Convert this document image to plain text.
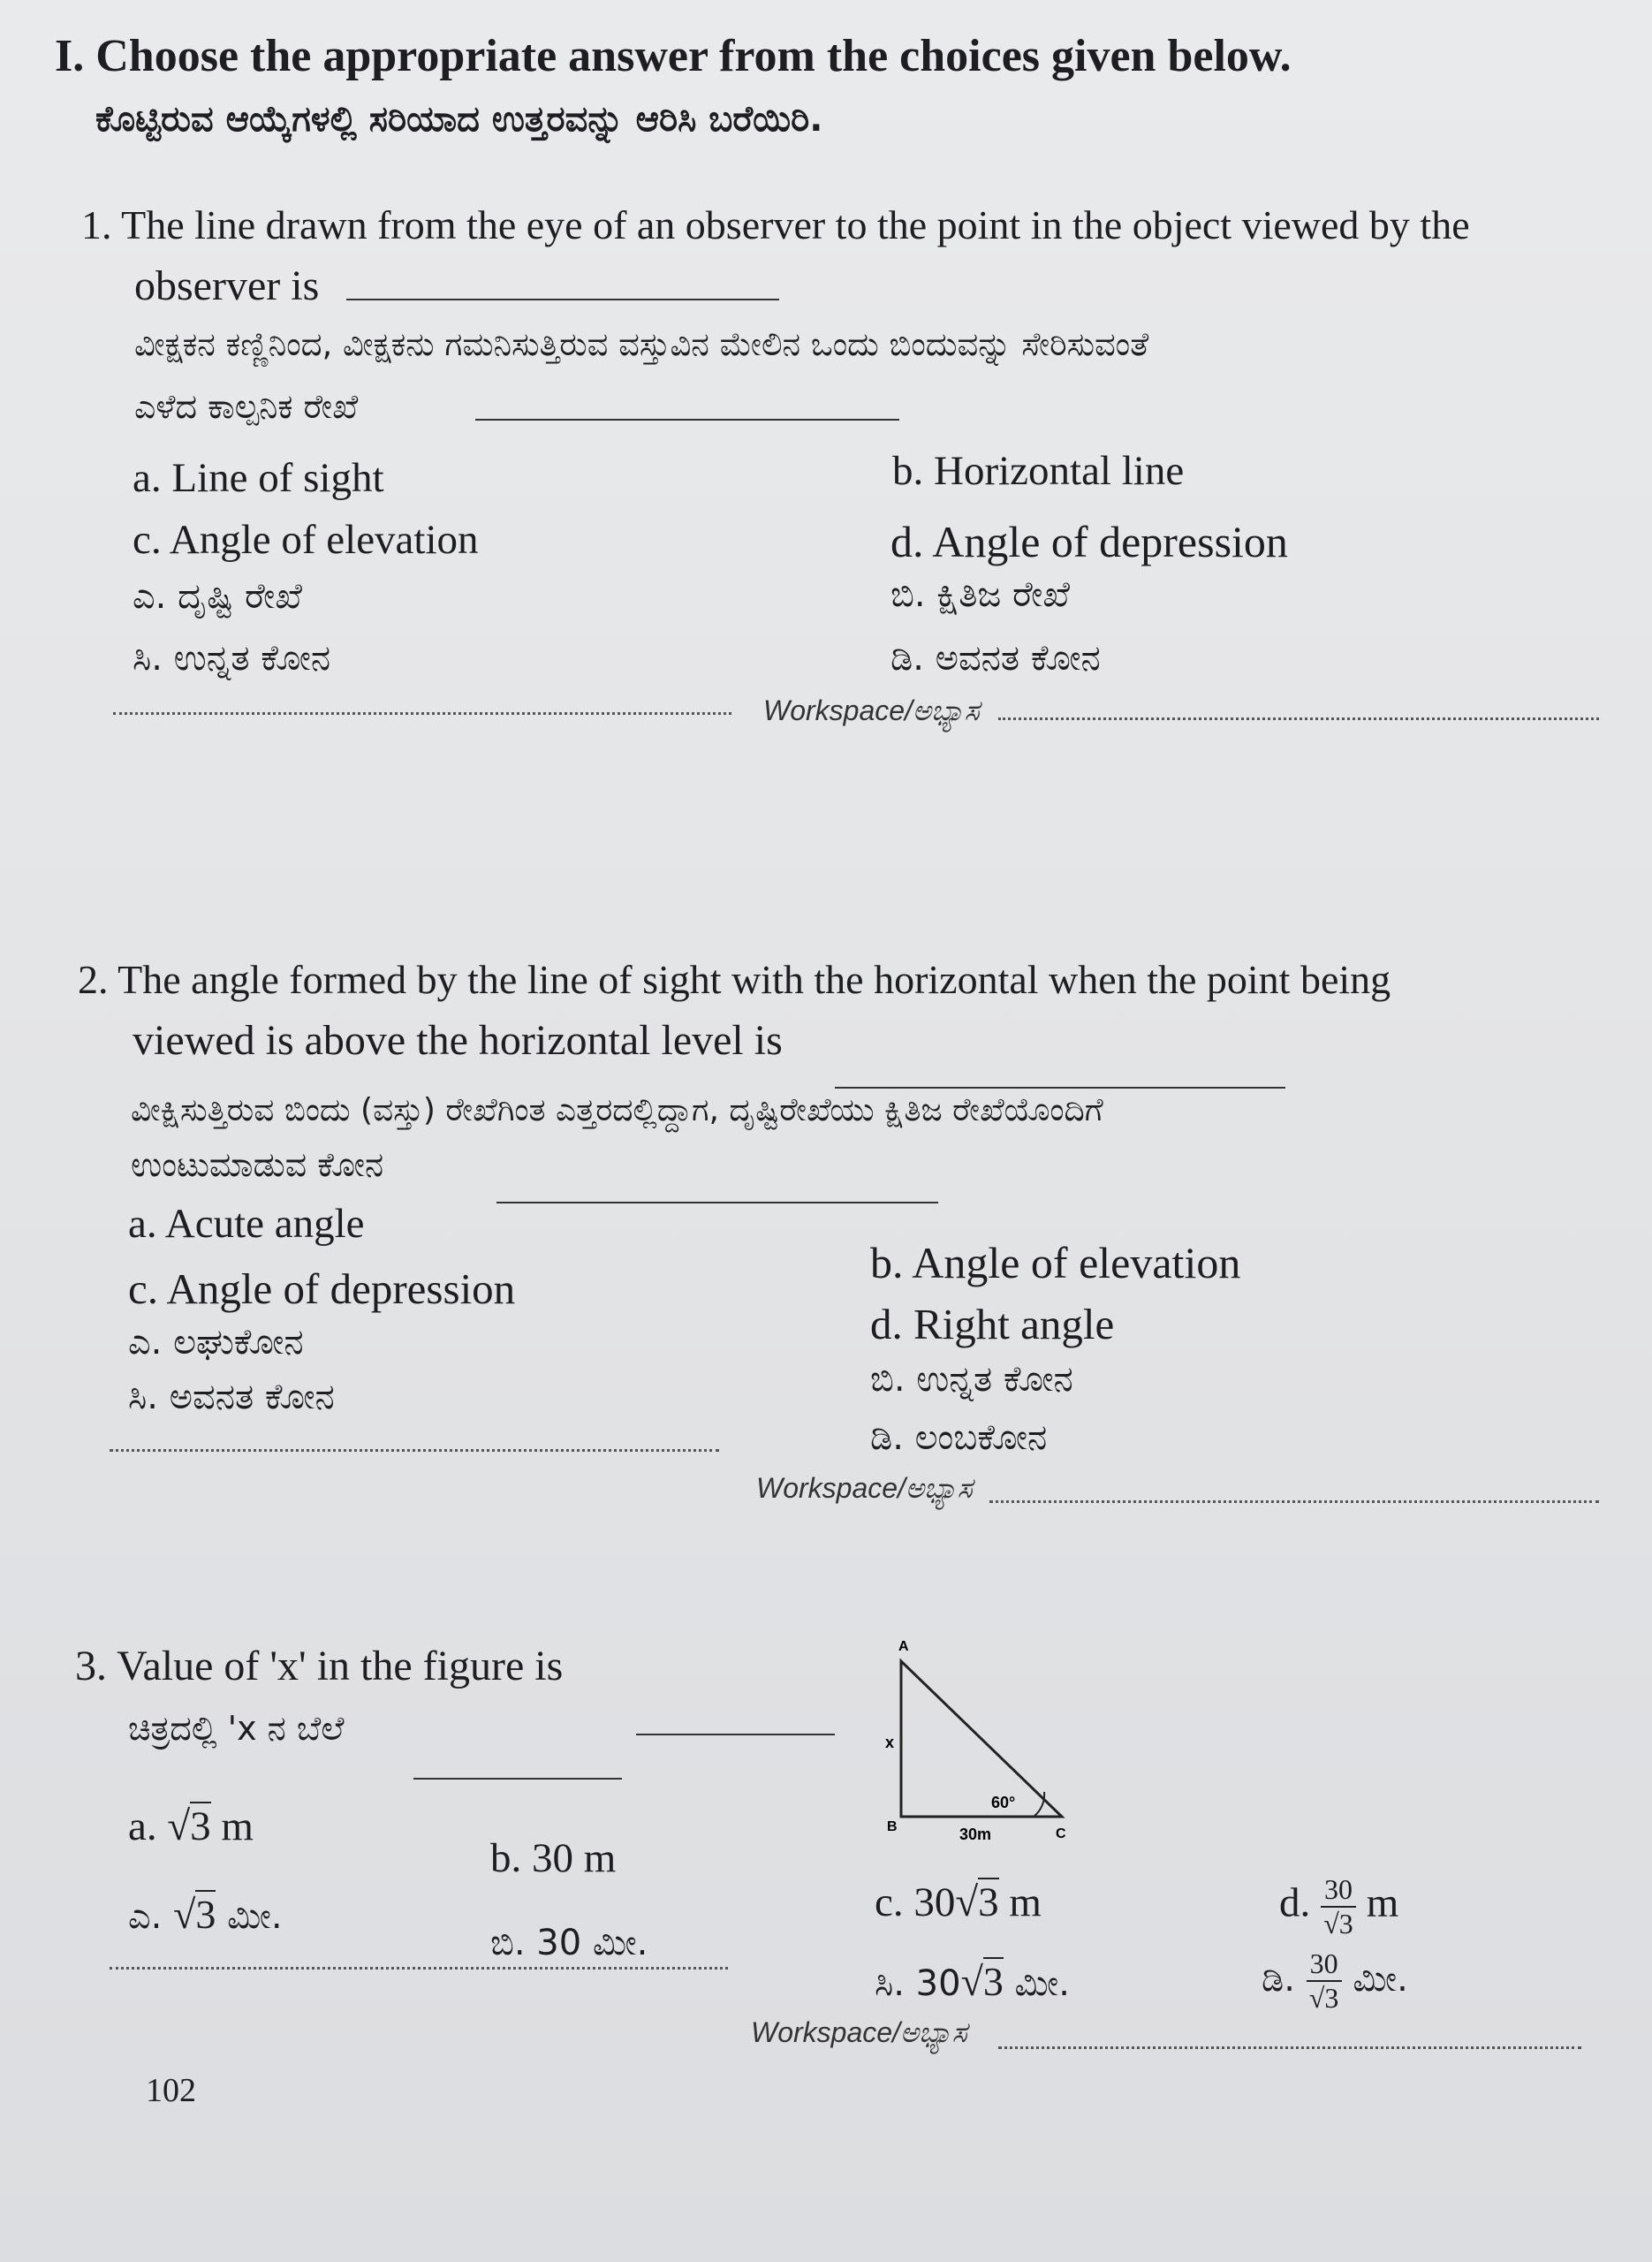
I. Choose the appropriate answer from the choices given below.
ಕೊಟ್ಟಿರುವ ಆಯ್ಕೆಗಳಲ್ಲಿ ಸರಿಯಾದ ಉತ್ತರವನ್ನು ಆರಿಸಿ ಬರೆಯಿರಿ.
1. The line drawn from the eye of an observer to the point in the object viewed by the
observer is
ವೀಕ್ಷಕನ ಕಣ್ಣಿನಿಂದ, ವೀಕ್ಷಕನು ಗಮನಿಸುತ್ತಿರುವ ವಸ್ತುವಿನ ಮೇಲಿನ ಒಂದು ಬಿಂದುವನ್ನು ಸೇರಿಸುವಂತೆ
ಎಳೆದ ಕಾಲ್ಪನಿಕ ರೇಖೆ
a. Line of sight	b. Horizontal line
c. Angle of elevation	d. Angle of depression
ಎ. ದೃಷ್ಟಿ ರೇಖೆ	ಬಿ. ಕ್ಷಿತಿಜ ರೇಖೆ
ಸಿ. ಉನ್ನತ ಕೋನ	ಡಿ. ಅವನತ ಕೋನ
Workspace/ಅಭ್ಯಾಸ
2. The angle formed by the line of sight with the horizontal when the point being
viewed is above the horizontal level is
ವೀಕ್ಷಿಸುತ್ತಿರುವ ಬಿಂದು (ವಸ್ತು) ರೇಖೆಗಿಂತ ಎತ್ತರದಲ್ಲಿದ್ದಾಗ, ದೃಷ್ಟಿರೇಖೆಯು ಕ್ಷಿತಿಜ ರೇಖೆಯೊಂದಿಗೆ
ಉಂಟುಮಾಡುವ ಕೋನ
a. Acute angle
b. Angle of elevation
c. Angle of depression
d. Right angle
ಎ. ಲಘುಕೋನ
ಬಿ. ಉನ್ನತ ಕೋನ
ಸಿ. ಅವನತ ಕೋನ
ಡಿ. ಲಂಬಕೋನ
Workspace/ಅಭ್ಯಾಸ
3. Value of 'x' in the figure is
ಚಿತ್ರದಲ್ಲಿ 'x ನ ಬೆಲೆ
A
B	C
x
60°
30m
a. √3 m
b. 30 m
c. 30√3 m	d. $\frac{30}{√3}$ m
ಎ. √3 ಮೀ.
ಬಿ. 30 ಮೀ.
ಸಿ. 30√3 ಮೀ.	ಡಿ. $\frac{30}{√3}$ ಮೀ.
Workspace/ಅಭ್ಯಾಸ
102
